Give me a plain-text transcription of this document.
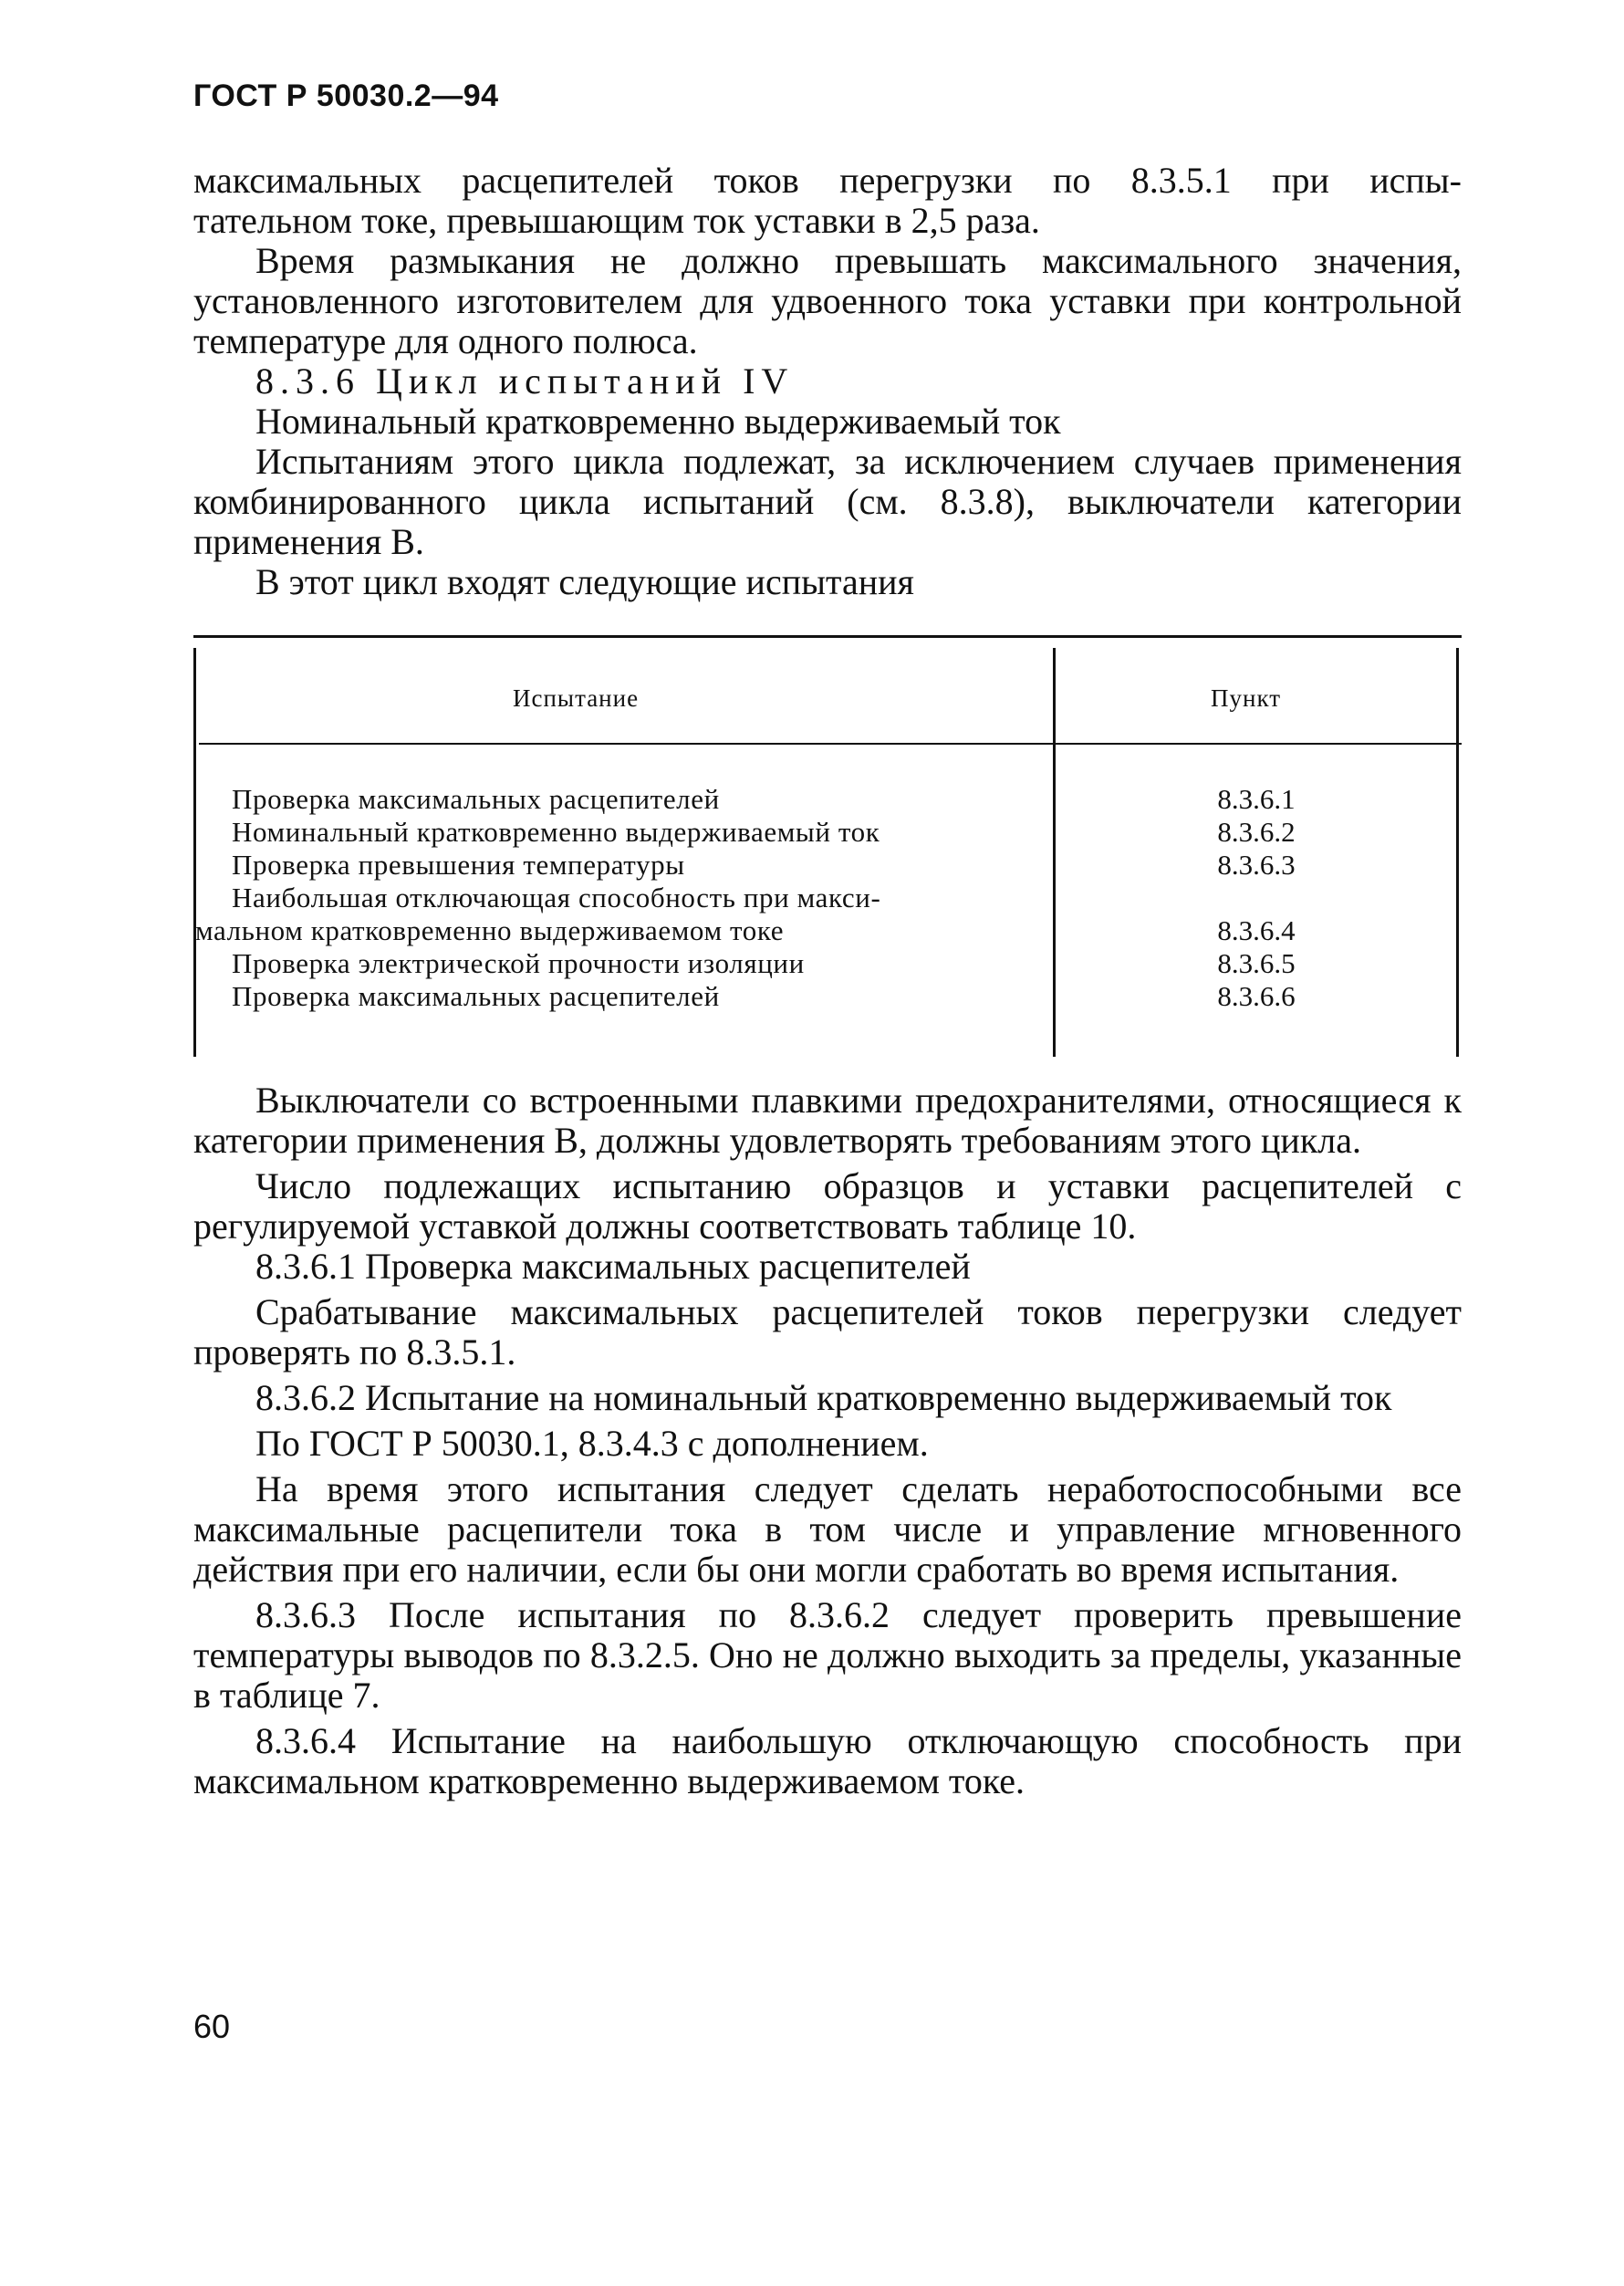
ГОСТ Р 50030.2—94

максимальных расцепителей токов перегрузки по 8.3.5.1 при испы-

тательном токе, превышающим ток уставки в 2,5 раза.

Время размыкания не должно превышать максимального значения, установленного изготовителем для удвоенного тока уставки при контрольной температуре для одного полюса.

8.3.6 Цикл испытаний IV

Номинальный кратковременно выдерживаемый ток

Испытаниям этого цикла подлежат, за исключением случаев применения комбинированного цикла испытаний (см. 8.3.8), выключатели категории применения B.

В этот цикл входят следующие испытания

Испытание	Пункт
Проверка максимальных расцепителей	8.3.6.1
Номинальный кратковременно выдерживаемый ток	8.3.6.2
Проверка превышения температуры	8.3.6.3
Наибольшая отключающая способность при макси-
мальном кратковременно выдерживаемом токе	8.3.6.4
Проверка электрической прочности изоляции	8.3.6.5
Проверка максимальных расцепителей	8.3.6.6

Выключатели со встроенными плавкими предохранителями, относящиеся к категории применения B, должны удовлетворять требованиям этого цикла.

Число подлежащих испытанию образцов и уставки расцепителей с регулируемой уставкой должны соответствовать таблице 10.

8.3.6.1 Проверка максимальных расцепителей

Срабатывание максимальных расцепителей токов перегрузки следует проверять по 8.3.5.1.

8.3.6.2 Испытание на номинальный кратковременно выдерживаемый ток

По ГОСТ Р 50030.1, 8.3.4.3 с дополнением.

На время этого испытания следует сделать неработоспособными все максимальные расцепители тока в том числе и управление мгновенного действия при его наличии, если бы они могли сработать во время испытания.

8.3.6.3 После испытания по 8.3.6.2 следует проверить превышение температуры выводов по 8.3.2.5. Оно не должно выходить за пределы, указанные в таблице 7.

8.3.6.4 Испытание на наибольшую отключающую способность при максимальном кратковременно выдерживаемом токе.

60
